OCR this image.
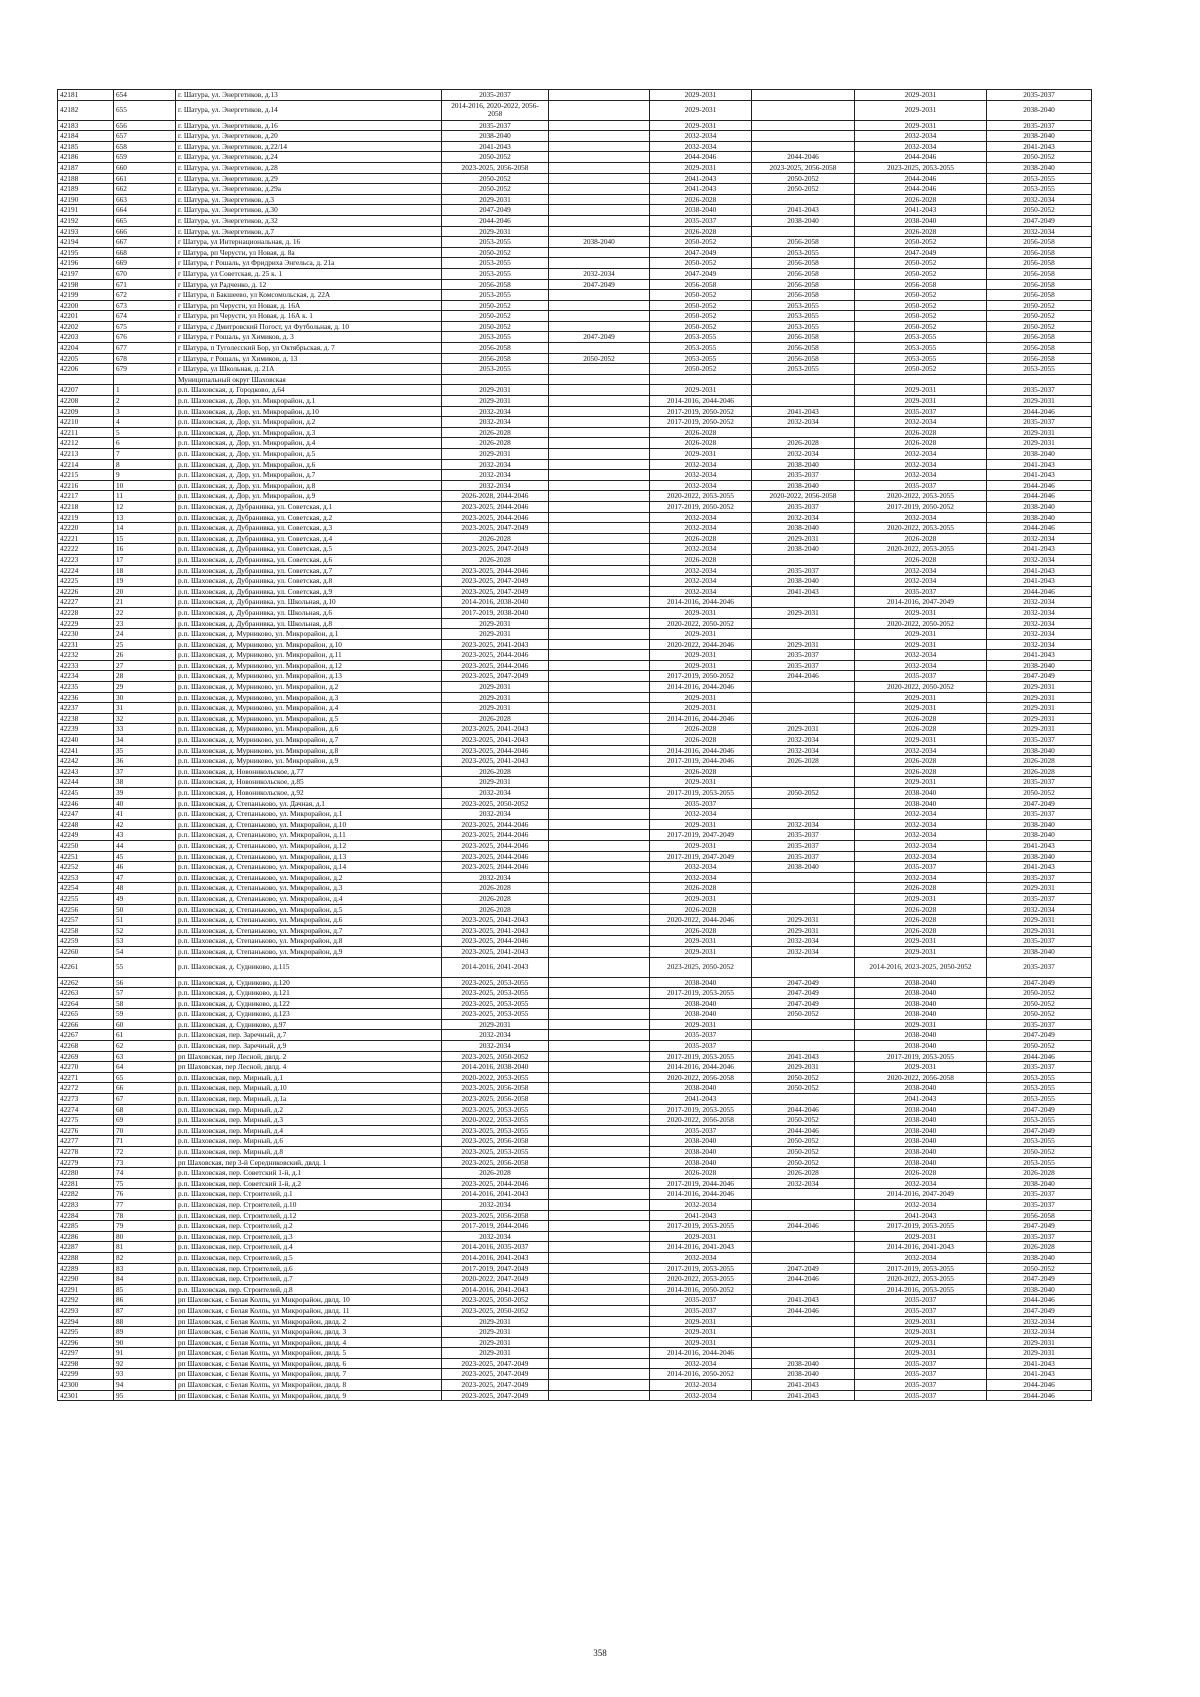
42181	654	г. Шатура, ул. Энергетиков, д.13	2035-2037		2029-2031		2029-2031	2035-2037
42182	655	г. Шатура, ул. Энергетиков, д.14	2014-2016, 2020-2022, 2056-2058		2029-2031		2029-2031	2038-2040
42183	656	г. Шатура, ул. Энергетиков, д.16	2035-2037		2029-2031		2029-2031	2035-2037
42184	657	г. Шатура, ул. Энергетиков, д.20	2038-2040		2032-2034		2032-2034	2038-2040
42185	658	г. Шатура, ул. Энергетиков, д.22/14	2041-2043		2032-2034		2032-2034	2041-2043
42186	659	г. Шатура, ул. Энергетиков, д.24	2050-2052		2044-2046	2044-2046	2044-2046	2050-2052
42187	660	г. Шатура, ул. Энергетиков, д.28	2023-2025, 2056-2058		2029-2031	2023-2025, 2056-2058	2023-2025, 2053-2055	2038-2040
42188	661	г. Шатура, ул. Энергетиков, д.29	2050-2052		2041-2043	2050-2052	2044-2046	2053-2055
42189	662	г. Шатура, ул. Энергетиков, д.29а	2050-2052		2041-2043	2050-2052	2044-2046	2053-2055
42190	663	г. Шатура, ул. Энергетиков, д.3	2029-2031		2026-2028		2026-2028	2032-2034
42191	664	г. Шатура, ул. Энергетиков, д.30	2047-2049		2038-2040	2041-2043	2041-2043	2050-2052
42192	665	г. Шатура, ул. Энергетиков, д.32	2044-2046		2035-2037	2038-2040	2038-2040	2047-2049
42193	666	г. Шатура, ул. Энергетиков, д.7	2029-2031		2026-2028		2026-2028	2032-2034
42194	667	г Шатура, ул Интернациональная, д. 16	2053-2055	2038-2040	2050-2052	2056-2058	2050-2052	2056-2058
42195	668	г Шатура, рп Черусти, ул Новая, д. 8а	2050-2052		2047-2049	2053-2055	2047-2049	2056-2058
42196	669	г Шатура, г Рошаль, ул Фридриха Энгельса, д. 21а	2053-2055		2050-2052	2056-2058	2050-2052	2056-2058
42197	670	г Шатура, ул Советская, д. 25 к. 1	2053-2055	2032-2034	2047-2049	2056-2058	2050-2052	2056-2058
42198	671	г Шатура, ул Радченко, д. 12	2056-2058	2047-2049	2056-2058	2056-2058	2056-2058	2056-2058
42199	672	г Шатура, п Бакшеево, ул Комсомольская, д. 22А	2053-2055		2050-2052	2056-2058	2050-2052	2056-2058
42200	673	г Шатура, рп Черусти, ул Новая, д. 16А	2050-2052		2050-2052	2053-2055	2050-2052	2050-2052
42201	674	г Шатура, рп Черусти, ул Новая, д. 16А к. 1	2050-2052		2050-2052	2053-2055	2050-2052	2050-2052
42202	675	г Шатура, с Дмитровский Погост, ул Футбольная, д. 10	2050-2052		2050-2052	2053-2055	2050-2052	2050-2052
42203	676	г Шатура, г Рошаль, ул Химиков, д. 3	2053-2055	2047-2049	2053-2055	2056-2058	2053-2055	2056-2058
42204	677	г Шатура, п Туголесский Бор, ул Октябрьская, д. 7	2056-2058		2053-2055	2056-2058	2053-2055	2056-2058
42205	678	г Шатура, г Рошаль, ул Химиков, д. 13	2056-2058	2050-2052	2053-2055	2056-2058	2053-2055	2056-2058
42206	679	г Шатура, ул Школьная, д. 21А	2053-2055		2050-2052	2053-2055	2050-2052	2053-2055
		Муниципальный округ Шаховская						
42207	1	р.п. Шаховская, д. Городково, д.64	2029-2031		2029-2031		2029-2031	2035-2037
42208	2	р.п. Шаховская, д. Дор, ул. Микрорайон, д.1	2029-2031		2014-2016, 2044-2046		2029-2031	2029-2031
42209	3	р.п. Шаховская, д. Дор, ул. Микрорайон, д.10	2032-2034		2017-2019, 2050-2052	2041-2043	2035-2037	2044-2046
42210	4	р.п. Шаховская, д. Дор, ул. Микрорайон, д.2	2032-2034		2017-2019, 2050-2052	2032-2034	2032-2034	2035-2037
42211	5	р.п. Шаховская, д. Дор, ул. Микрорайон, д.3	2026-2028		2026-2028		2026-2028	2029-2031
42212	6	р.п. Шаховская, д. Дор, ул. Микрорайон, д.4	2026-2028		2026-2028	2026-2028	2026-2028	2029-2031
42213	7	р.п. Шаховская, д. Дор, ул. Микрорайон, д.5	2029-2031		2029-2031	2032-2034	2032-2034	2038-2040
42214	8	р.п. Шаховская, д. Дор, ул. Микрорайон, д.6	2032-2034		2032-2034	2038-2040	2032-2034	2041-2043
42215	9	р.п. Шаховская, д. Дор, ул. Микрорайон, д.7	2032-2034		2032-2034	2035-2037	2032-2034	2041-2043
42216	10	р.п. Шаховская, д. Дор, ул. Микрорайон, д.8	2032-2034		2032-2034	2038-2040	2035-2037	2044-2046
42217	11	р.п. Шаховская, д. Дор, ул. Микрорайон, д.9	2026-2028, 2044-2046		2020-2022, 2053-2055	2020-2022, 2056-2058	2020-2022, 2053-2055	2044-2046
42218	12	р.п. Шаховская, д. Дубранивка, ул. Советская, д.1	2023-2025, 2044-2046		2017-2019, 2050-2052	2035-2037	2017-2019, 2050-2052	2038-2040
42219	13	р.п. Шаховская, д. Дубранивка, ул. Советская, д.2	2023-2025, 2044-2046		2032-2034	2032-2034	2032-2034	2038-2040
42220	14	р.п. Шаховская, д. Дубранивка, ул. Советская, д.3	2023-2025, 2047-2049		2032-2034	2038-2040	2020-2022, 2053-2055	2044-2046
42221	15	р.п. Шаховская, д. Дубранивка, ул. Советская, д.4	2026-2028		2026-2028	2029-2031	2026-2028	2032-2034
42222	16	р.п. Шаховская, д. Дубранивка, ул. Советская, д.5	2023-2025, 2047-2049		2032-2034	2038-2040	2020-2022, 2053-2055	2041-2043
42223	17	р.п. Шаховская, д. Дубранивка, ул. Советская, д.6	2026-2028		2026-2028		2026-2028	2032-2034
42224	18	р.п. Шаховская, д. Дубранивка, ул. Советская, д.7	2023-2025, 2044-2046		2032-2034	2035-2037	2032-2034	2041-2043
42225	19	р.п. Шаховская, д. Дубранивка, ул. Советская, д.8	2023-2025, 2047-2049		2032-2034	2038-2040	2032-2034	2041-2043
42226	20	р.п. Шаховская, д. Дубранивка, ул. Советская, д.9	2023-2025, 2047-2049		2032-2034	2041-2043	2035-2037	2044-2046
42227	21	р.п. Шаховская, д. Дубранивка, ул. Школьная, д.10	2014-2016, 2038-2040		2014-2016, 2044-2046		2014-2016, 2047-2049	2032-2034
42228	22	р.п. Шаховская, д. Дубранивка, ул. Школьная, д.6	2017-2019, 2038-2040		2029-2031	2029-2031	2029-2031	2032-2034
42229	23	р.п. Шаховская, д. Дубранивка, ул. Школьная, д.8	2029-2031		2020-2022, 2050-2052		2020-2022, 2050-2052	2032-2034
42230	24	р.п. Шаховская, д. Мурниково, ул. Микрорайон, д.1	2029-2031		2029-2031		2029-2031	2032-2034
42231	25	р.п. Шаховская, д. Мурниково, ул. Микрорайон, д.10	2023-2025, 2041-2043		2020-2022, 2044-2046	2029-2031	2029-2031	2032-2034
42232	26	р.п. Шаховская, д. Мурниково, ул. Микрорайон, д.11	2023-2025, 2044-2046		2029-2031	2035-2037	2032-2034	2041-2043
42233	27	р.п. Шаховская, д. Мурниково, ул. Микрорайон, д.12	2023-2025, 2044-2046		2029-2031	2035-2037	2032-2034	2038-2040
42234	28	р.п. Шаховская, д. Мурниково, ул. Микрорайон, д.13	2023-2025, 2047-2049		2017-2019, 2050-2052	2044-2046	2035-2037	2047-2049
42235	29	р.п. Шаховская, д. Мурниково, ул. Микрорайон, д.2	2029-2031		2014-2016, 2044-2046		2020-2022, 2050-2052	2029-2031
42236	30	р.п. Шаховская, д. Мурниково, ул. Микрорайон, д.3	2029-2031		2029-2031		2029-2031	2029-2031
42237	31	р.п. Шаховская, д. Мурниково, ул. Микрорайон, д.4	2029-2031		2029-2031		2029-2031	2029-2031
42238	32	р.п. Шаховская, д. Мурниково, ул. Микрорайон, д.5	2026-2028		2014-2016, 2044-2046		2026-2028	2029-2031
42239	33	р.п. Шаховская, д. Мурниково, ул. Микрорайон, д.6	2023-2025, 2041-2043		2026-2028	2029-2031	2026-2028	2029-2031
42240	34	р.п. Шаховская, д. Мурниково, ул. Микрорайон, д.7	2023-2025, 2041-2043		2026-2028	2032-2034	2029-2031	2035-2037
42241	35	р.п. Шаховская, д. Мурниково, ул. Микрорайон, д.8	2023-2025, 2044-2046		2014-2016, 2044-2046	2032-2034	2032-2034	2038-2040
42242	36	р.п. Шаховская, д. Мурниково, ул. Микрорайон, д.9	2023-2025, 2041-2043		2017-2019, 2044-2046	2026-2028	2026-2028	2026-2028
42243	37	р.п. Шаховская, д. Новоникольское, д.77	2026-2028		2026-2028		2026-2028	2026-2028
42244	38	р.п. Шаховская, д. Новоникольское, д.85	2029-2031		2029-2031		2029-2031	2035-2037
42245	39	р.п. Шаховская, д. Новоникольское, д.92	2032-2034		2017-2019, 2053-2055	2050-2052	2038-2040	2050-2052
42246	40	р.п. Шаховская, д. Степаньково, ул. Дачная, д.1	2023-2025, 2050-2052		2035-2037		2038-2040	2047-2049
42247	41	р.п. Шаховская, д. Степаньково, ул. Микрорайон, д.1	2032-2034		2032-2034		2032-2034	2035-2037
42248	42	р.п. Шаховская, д. Степаньково, ул. Микрорайон, д.10	2023-2025, 2044-2046		2029-2031	2032-2034	2032-2034	2038-2040
42249	43	р.п. Шаховская, д. Степаньково, ул. Микрорайон, д.11	2023-2025, 2044-2046		2017-2019, 2047-2049	2035-2037	2032-2034	2038-2040
42250	44	р.п. Шаховская, д. Степаньково, ул. Микрорайон, д.12	2023-2025, 2044-2046		2029-2031	2035-2037	2032-2034	2041-2043
42251	45	р.п. Шаховская, д. Степаньково, ул. Микрорайон, д.13	2023-2025, 2044-2046		2017-2019, 2047-2049	2035-2037	2032-2034	2038-2040
42252	46	р.п. Шаховская, д. Степаньково, ул. Микрорайон, д.14	2023-2025, 2044-2046		2032-2034	2038-2040	2035-2037	2041-2043
42253	47	р.п. Шаховская, д. Степаньково, ул. Микрорайон, д.2	2032-2034		2032-2034		2032-2034	2035-2037
42254	48	р.п. Шаховская, д. Степаньково, ул. Микрорайон, д.3	2026-2028		2026-2028		2026-2028	2029-2031
42255	49	р.п. Шаховская, д. Степаньково, ул. Микрорайон, д.4	2026-2028		2029-2031		2029-2031	2035-2037
42256	50	р.п. Шаховская, д. Степаньково, ул. Микрорайон, д.5	2026-2028		2026-2028		2026-2028	2032-2034
42257	51	р.п. Шаховская, д. Степаньково, ул. Микрорайон, д.6	2023-2025, 2041-2043		2020-2022, 2044-2046	2029-2031	2026-2028	2029-2031
42258	52	р.п. Шаховская, д. Степаньково, ул. Микрорайон, д.7	2023-2025, 2041-2043		2026-2028	2029-2031	2026-2028	2029-2031
42259	53	р.п. Шаховская, д. Степаньково, ул. Микрорайон, д.8	2023-2025, 2044-2046		2029-2031	2032-2034	2029-2031	2035-2037
42260	54	р.п. Шаховская, д. Степаньково, ул. Микрорайон, д.9	2023-2025, 2041-2043		2029-2031	2032-2034	2029-2031	2038-2040
42261	55	р.п. Шаховская, д. Судниково, д.115	2014-2016, 2041-2043		2023-2025, 2050-2052		2014-2016, 2023-2025, 2050-2052	2035-2037
42262	56	р.п. Шаховская, д. Судниково, д.120	2023-2025, 2053-2055		2038-2040	2047-2049	2038-2040	2047-2049
42263	57	р.п. Шаховская, д. Судниково, д.121	2023-2025, 2053-2055		2017-2019, 2053-2055	2047-2049	2038-2040	2050-2052
42264	58	р.п. Шаховская, д. Судниково, д.122	2023-2025, 2053-2055		2038-2040	2047-2049	2038-2040	2050-2052
42265	59	р.п. Шаховская, д. Судниково, д.123	2023-2025, 2053-2055		2038-2040	2050-2052	2038-2040	2050-2052
42266	60	р.п. Шаховская, д. Судниково, д.97	2029-2031		2029-2031		2029-2031	2035-2037
42267	61	р.п. Шаховская, пер. Заречный, д.7	2032-2034		2035-2037		2038-2040	2047-2049
42268	62	р.п. Шаховская, пер. Заречный, д.9	2032-2034		2035-2037		2038-2040	2050-2052
42269	63	рп Шаховская, пер Лесной, двлд. 2	2023-2025, 2050-2052		2017-2019, 2053-2055	2041-2043	2017-2019, 2053-2055	2044-2046
42270	64	рп Шаховская, пер Лесной, двлд. 4	2014-2016, 2038-2040		2014-2016, 2044-2046	2029-2031	2029-2031	2035-2037
42271	65	р.п. Шаховская, пер. Мирный, д.1	2020-2022, 2053-2055		2020-2022, 2056-2058	2050-2052	2020-2022, 2056-2058	2053-2055
42272	66	р.п. Шаховская, пер. Мирный, д.10	2023-2025, 2056-2058		2038-2040	2050-2052	2038-2040	2053-2055
42273	67	р.п. Шаховская, пер. Мирный, д.1а	2023-2025, 2056-2058		2041-2043		2041-2043	2053-2055
42274	68	р.п. Шаховская, пер. Мирный, д.2	2023-2025, 2053-2055		2017-2019, 2053-2055	2044-2046	2038-2040	2047-2049
42275	69	р.п. Шаховская, пер. Мирный, д.3	2020-2022, 2053-2055		2020-2022, 2056-2058	2050-2052	2038-2040	2053-2055
42276	70	р.п. Шаховская, пер. Мирный, д.4	2023-2025, 2053-2055		2035-2037	2044-2046	2038-2040	2047-2049
42277	71	р.п. Шаховская, пер. Мирный, д.6	2023-2025, 2056-2058		2038-2040	2050-2052	2038-2040	2053-2055
42278	72	р.п. Шаховская, пер. Мирный, д.8	2023-2025, 2053-2055		2038-2040	2050-2052	2038-2040	2050-2052
42279	73	рп Шаховская, пер 3-й Середниковский, двлд. 1	2023-2025, 2056-2058		2038-2040	2050-2052	2038-2040	2053-2055
42280	74	р.п. Шаховская, пер. Советский 1-й, д.1	2026-2028		2026-2028	2026-2028	2026-2028	2026-2028
42281	75	р.п. Шаховская, пер. Советский 1-й, д.2	2023-2025, 2044-2046		2017-2019, 2044-2046	2032-2034	2032-2034	2038-2040
42282	76	р.п. Шаховская, пер. Строителей, д.1	2014-2016, 2041-2043		2014-2016, 2044-2046		2014-2016, 2047-2049	2035-2037
42283	77	р.п. Шаховская, пер. Строителей, д.10	2032-2034		2032-2034		2032-2034	2035-2037
42284	78	р.п. Шаховская, пер. Строителей, д.12	2023-2025, 2056-2058		2041-2043		2041-2043	2056-2058
42285	79	р.п. Шаховская, пер. Строителей, д.2	2017-2019, 2044-2046		2017-2019, 2053-2055	2044-2046	2017-2019, 2053-2055	2047-2049
42286	80	р.п. Шаховская, пер. Строителей, д.3	2032-2034		2029-2031		2029-2031	2035-2037
42287	81	р.п. Шаховская, пер. Строителей, д.4	2014-2016, 2035-2037		2014-2016, 2041-2043		2014-2016, 2041-2043	2026-2028
42288	82	р.п. Шаховская, пер. Строителей, д.5	2014-2016, 2041-2043		2032-2034		2032-2034	2038-2040
42289	83	р.п. Шаховская, пер. Строителей, д.6	2017-2019, 2047-2049		2017-2019, 2053-2055	2047-2049	2017-2019, 2053-2055	2050-2052
42290	84	р.п. Шаховская, пер. Строителей, д.7	2020-2022, 2047-2049		2020-2022, 2053-2055	2044-2046	2020-2022, 2053-2055	2047-2049
42291	85	р.п. Шаховская, пер. Строителей, д.8	2014-2016, 2041-2043		2014-2016, 2050-2052		2014-2016, 2053-2055	2038-2040
42292	86	рп Шаховская, с Белая Колпь, ул Микрорайон, двлд. 10	2023-2025, 2050-2052		2035-2037	2041-2043	2035-2037	2044-2046
42293	87	рп Шаховская, с Белая Колпь, ул Микрорайон, двлд. 11	2023-2025, 2050-2052		2035-2037	2044-2046	2035-2037	2047-2049
42294	88	рп Шаховская, с Белая Колпь, ул Микрорайон, двлд. 2	2029-2031		2029-2031		2029-2031	2032-2034
42295	89	рп Шаховская, с Белая Колпь, ул Микрорайон, двлд. 3	2029-2031		2029-2031		2029-2031	2032-2034
42296	90	рп Шаховская, с Белая Колпь, ул Микрорайон, двлд. 4	2029-2031		2029-2031		2029-2031	2029-2031
42297	91	рп Шаховская, с Белая Колпь, ул Микрорайон, двлд. 5	2029-2031		2014-2016, 2044-2046		2029-2031	2029-2031
42298	92	рп Шаховская, с Белая Колпь, ул Микрорайон, двлд. 6	2023-2025, 2047-2049		2032-2034	2038-2040	2035-2037	2041-2043
42299	93	рп Шаховская, с Белая Колпь, ул Микрорайон, двлд. 7	2023-2025, 2047-2049		2014-2016, 2050-2052	2038-2040	2035-2037	2041-2043
42300	94	рп Шаховская, с Белая Колпь, ул Микрорайон, двлд. 8	2023-2025, 2047-2049		2032-2034	2041-2043	2035-2037	2044-2046
42301	95	рп Шаховская, с Белая Колпь, ул Микрорайон, двлд. 9	2023-2025, 2047-2049		2032-2034	2041-2043	2035-2037	2044-2046
358
